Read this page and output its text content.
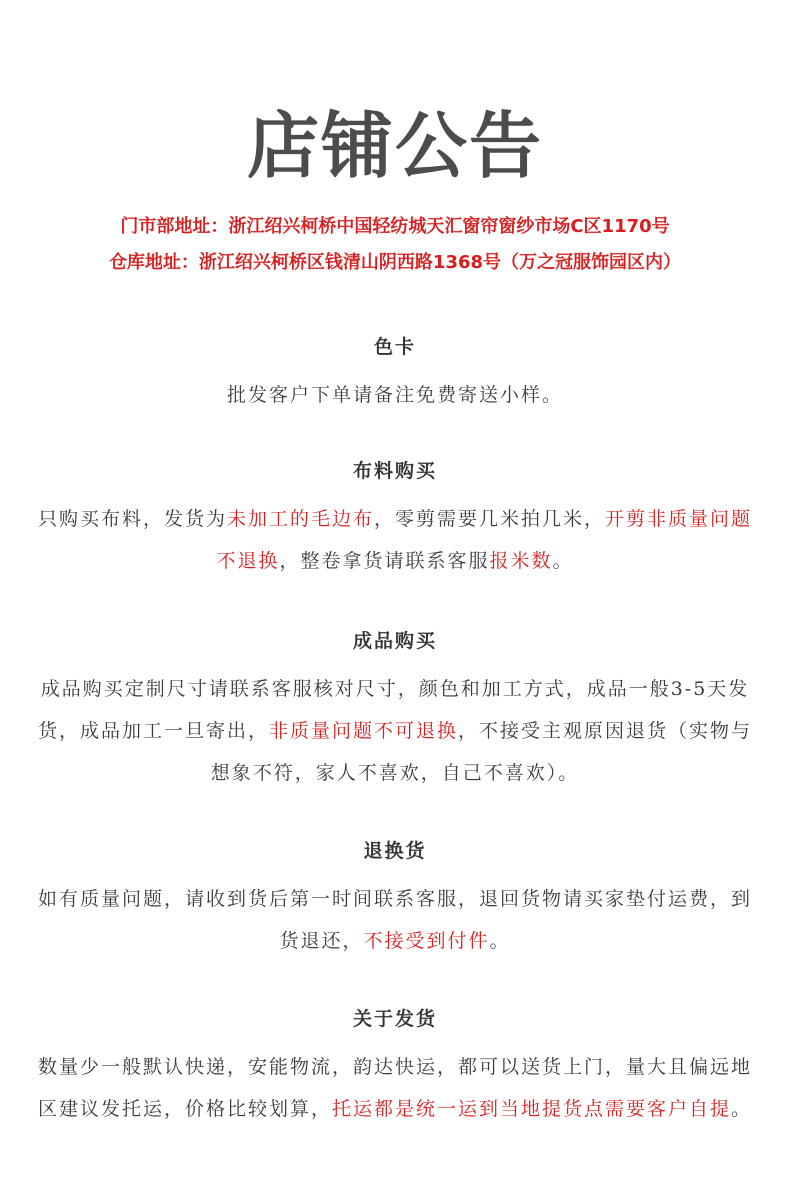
店铺公告
门市部地址：浙江绍兴柯桥中国轻纺城天汇窗帘窗纱市场C区1170号
仓库地址：浙江绍兴柯桥区钱清山阴西路1368号（万之冠服饰园区内）
色卡
批发客户下单请备注免费寄送小样。
布料购买
只购买布料，发货为未加工的毛边布，零剪需要几米拍几米，开剪非质量问题不退换，整卷拿货请联系客服报米数。
成品购买
成品购买定制尺寸请联系客服核对尺寸，颜色和加工方式，成品一般3-5天发货，成品加工一旦寄出，非质量问题不可退换，不接受主观原因退货（实物与想象不符，家人不喜欢，自己不喜欢）。
退换货
如有质量问题，请收到货后第一时间联系客服，退回货物请买家垫付运费，到货退还，不接受到付件。
关于发货
数量少一般默认快递，安能物流，韵达快运，都可以送货上门，量大且偏远地区建议发托运，价格比较划算，托运都是统一运到当地提货点需要客户自提。
